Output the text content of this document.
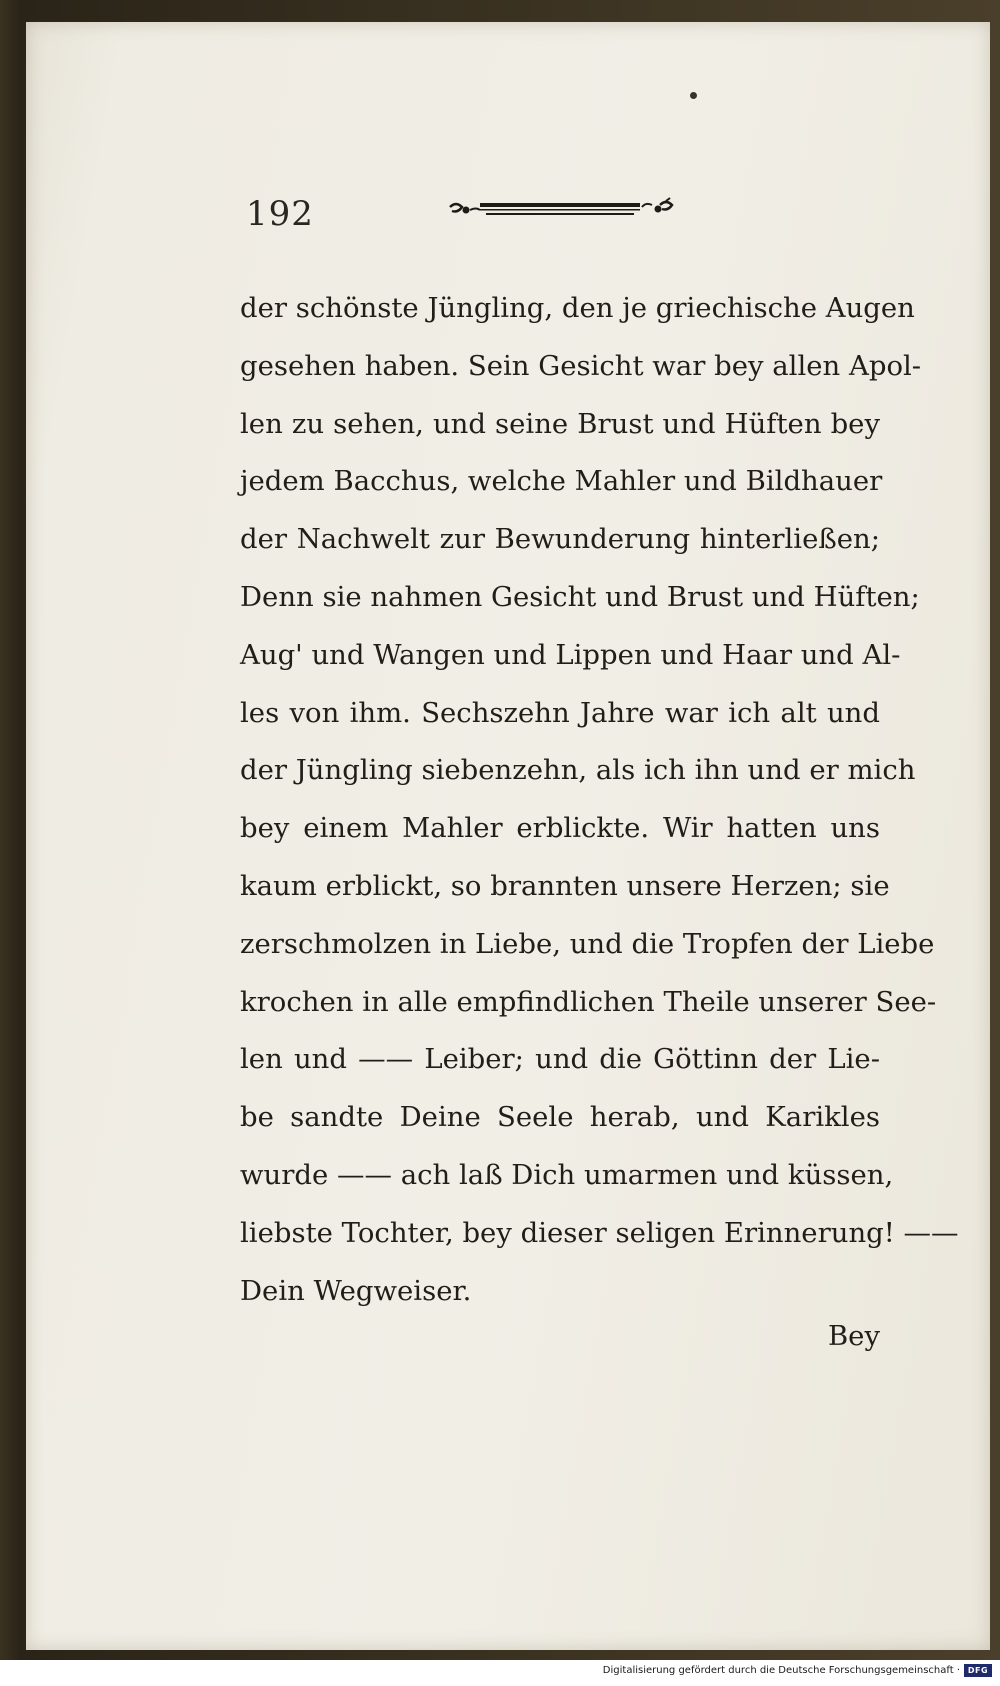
192
der schönste Jüngling, den je griechische Augen
gesehen haben. Sein Gesicht war bey allen Apol-
len zu sehen, und seine Brust und Hüften bey
jedem Bacchus, welche Mahler und Bildhauer
der Nachwelt zur Bewunderung hinterließen;
Denn sie nahmen Gesicht und Brust und Hüften;
Aug' und Wangen und Lippen und Haar und Al-
les von ihm. Sechszehn Jahre war ich alt und
der Jüngling siebenzehn, als ich ihn und er mich
bey einem Mahler erblickte. Wir hatten uns
kaum erblickt, so brannten unsere Herzen; sie
zerschmolzen in Liebe, und die Tropfen der Liebe
krochen in alle empfindlichen Theile unserer See-
len und —— Leiber; und die Göttinn der Lie-
be sandte Deine Seele herab, und Karikles
wurde —— ach laß Dich umarmen und küssen,
liebste Tochter, bey dieser seligen Erinnerung! ——
Dein Wegweiser.
Bey
Digitalisierung gefördert durch die Deutsche Forschungsgemeinschaft · DFG
